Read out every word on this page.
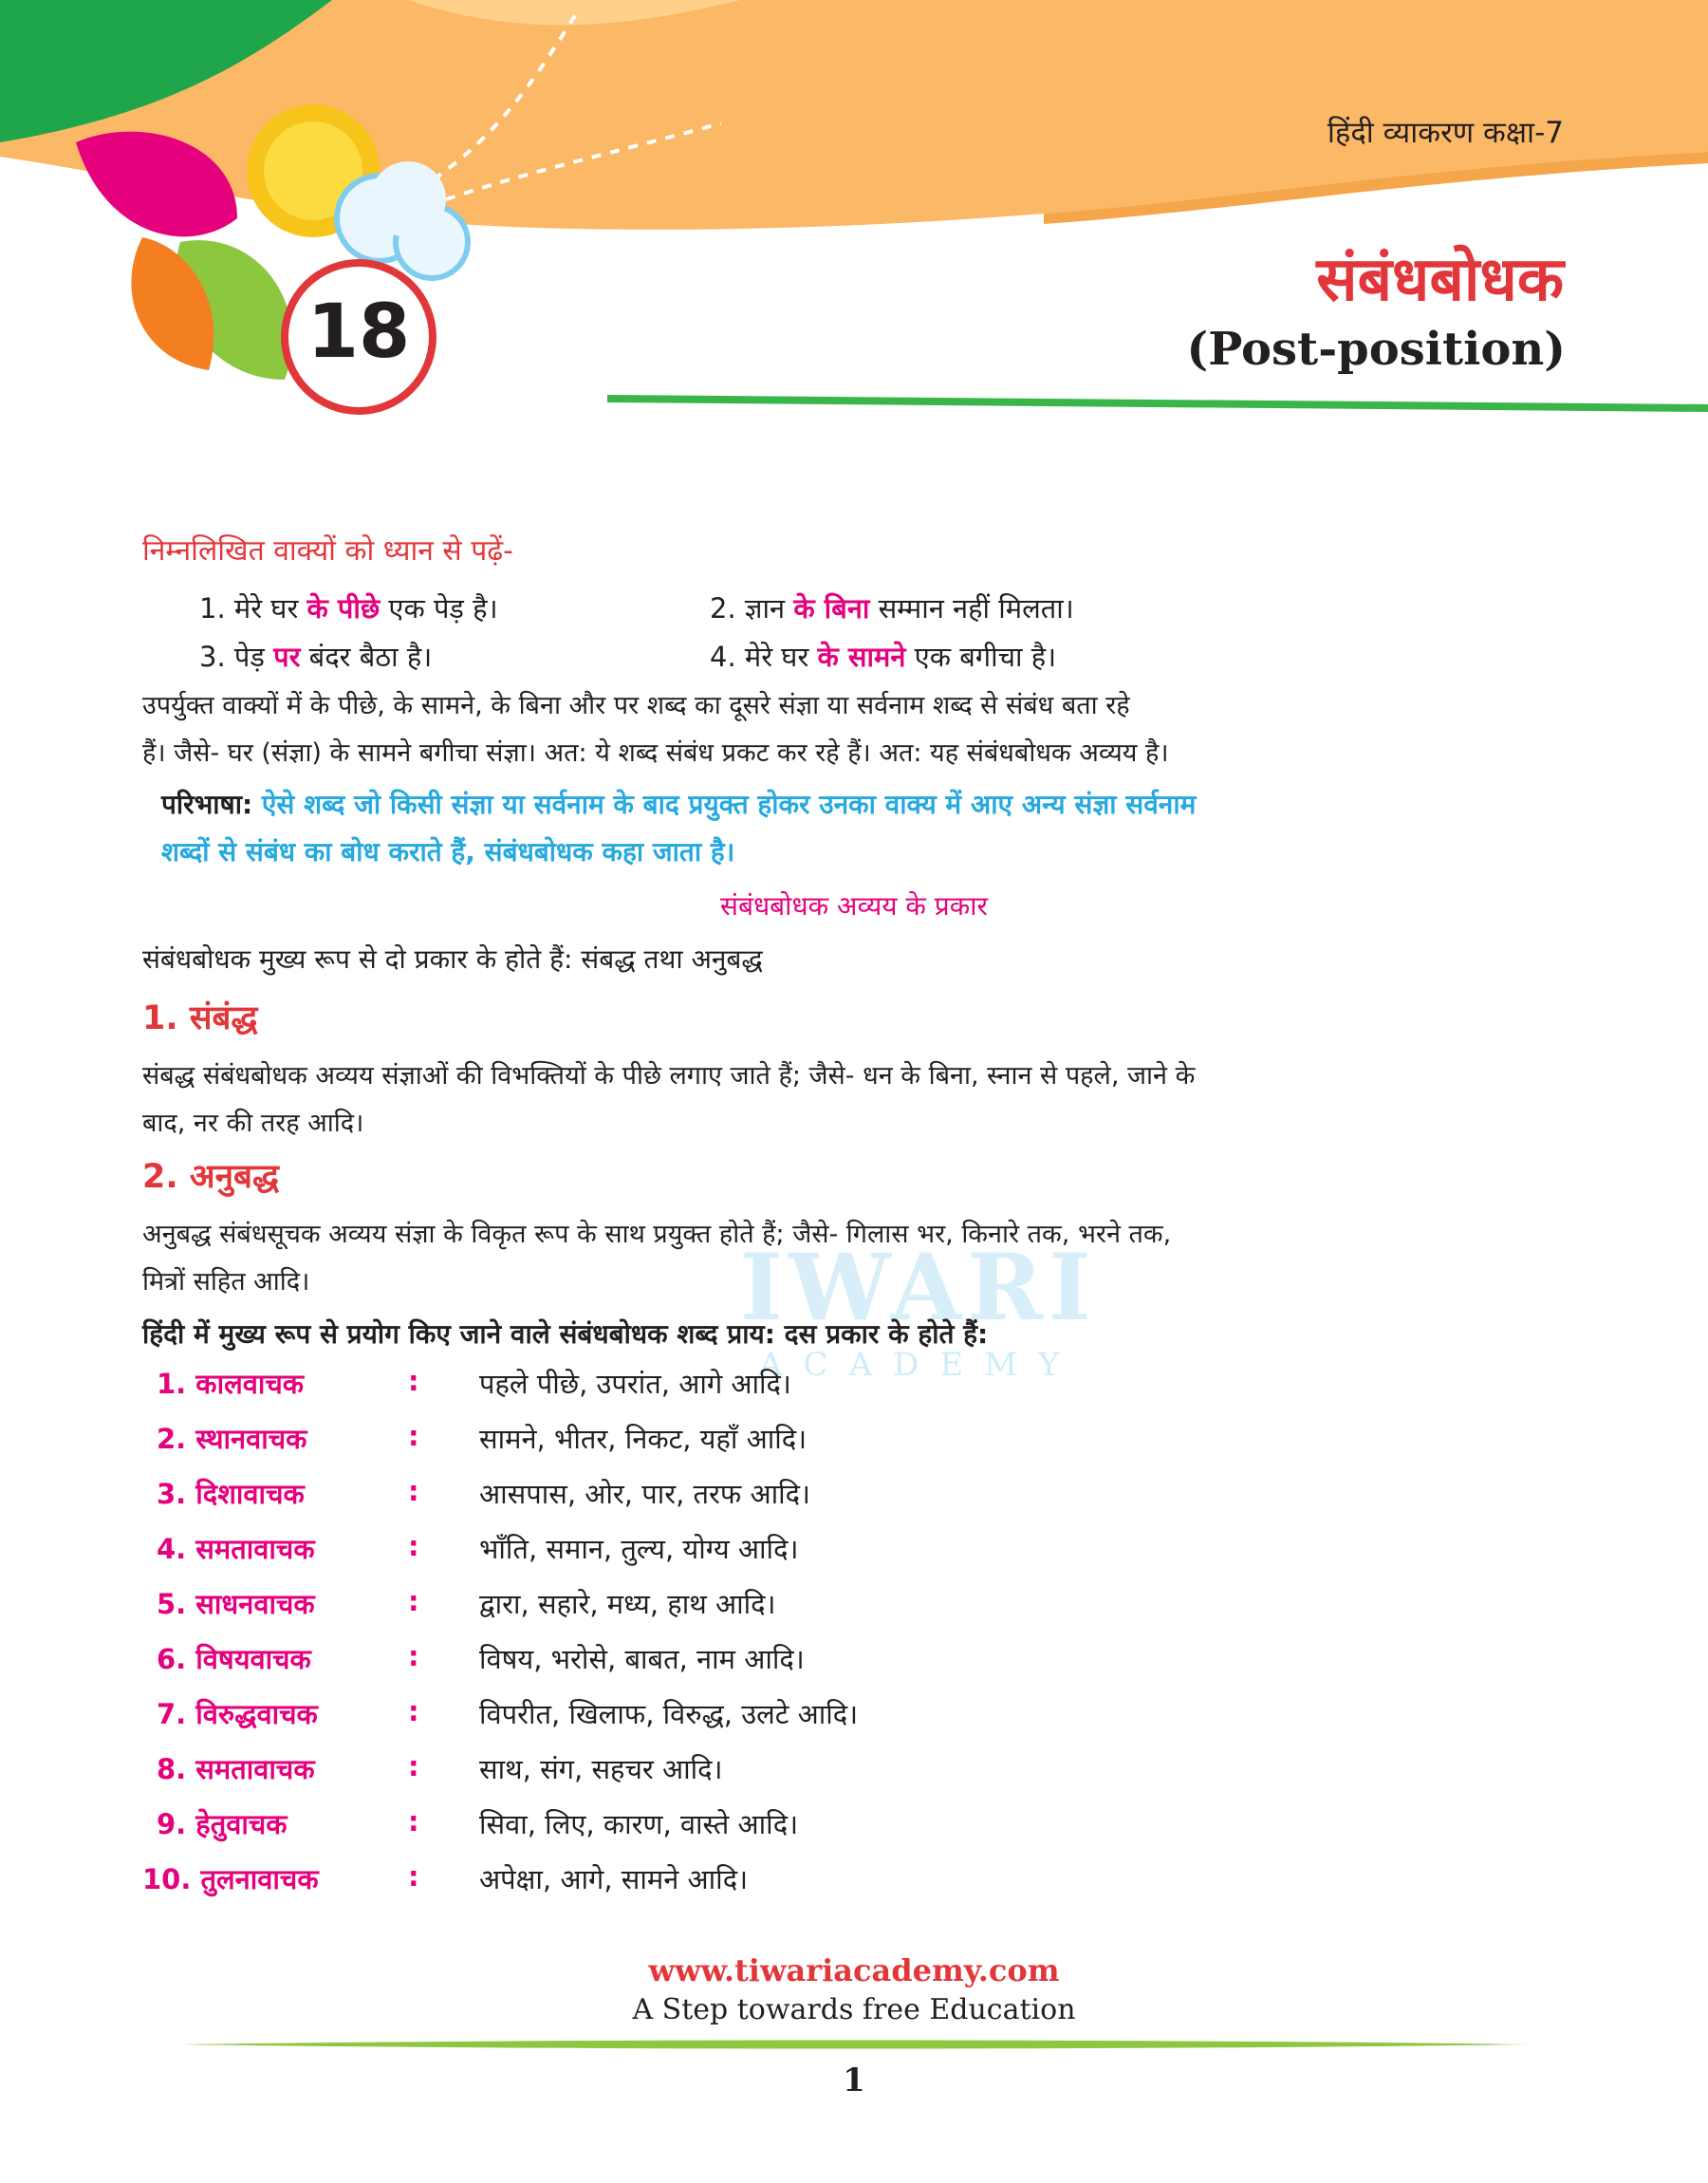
हिंदी व्याकरण कक्षा-7
18
संबंधबोधक
(Post-position)
IWARI
ACADEMY
निम्नलिखित वाक्यों को ध्यान से पढ़ें-
1. मेरे घर के पीछे एक पेड़ है।	2. ज्ञान के बिना सम्मान नहीं मिलता।
3. पेड़ पर बंदर बैठा है।	4. मेरे घर के सामने एक बगीचा है।
उपर्युक्त वाक्यों में के पीछे, के सामने, के बिना और पर शब्द का दूसरे संज्ञा या सर्वनाम शब्द से संबंध बता रहे
हैं। जैसे- घर (संज्ञा) के सामने बगीचा संज्ञा। अत: ये शब्द संबंध प्रकट कर रहे हैं। अत: यह संबंधबोधक अव्यय है।
परिभाषा: ऐसे शब्द जो किसी संज्ञा या सर्वनाम के बाद प्रयुक्त होकर उनका वाक्य में आए अन्य संज्ञा सर्वनाम
शब्दों से संबंध का बोध कराते हैं, संबंधबोधक कहा जाता है।
संबंधबोधक अव्यय के प्रकार
संबंधबोधक मुख्य रूप से दो प्रकार के होते हैं: संबद्ध तथा अनुबद्ध
1. संबंद्ध
संबद्ध संबंधबोधक अव्यय संज्ञाओं की विभक्तियों के पीछे लगाए जाते हैं; जैसे- धन के बिना, स्नान से पहले, जाने के
बाद, नर की तरह आदि।
2. अनुबद्ध
अनुबद्ध संबंधसूचक अव्यय संज्ञा के विकृत रूप के साथ प्रयुक्त होते हैं; जैसे- गिलास भर, किनारे तक, भरने तक,
मित्रों सहित आदि।
हिंदी में मुख्य रूप से प्रयोग किए जाने वाले संबंधबोधक शब्द प्राय: दस प्रकार के होते हैं:
1. कालवाचक	: पहले पीछे, उपरांत, आगे आदि।
2. स्थानवाचक	: सामने, भीतर, निकट, यहाँ आदि।
3. दिशावाचक	: आसपास, ओर, पार, तरफ आदि।
4. समतावाचक	: भाँति, समान, तुल्य, योग्य आदि।
5. साधनवाचक	: द्वारा, सहारे, मध्य, हाथ आदि।
6. विषयवाचक	: विषय, भरोसे, बाबत, नाम आदि।
7. विरुद्धवाचक	: विपरीत, खिलाफ, विरुद्ध, उलटे आदि।
8. समतावाचक	: साथ, संग, सहचर आदि।
9. हेतुवाचक	: सिवा, लिए, कारण, वास्ते आदि।
10. तुलनावाचक	: अपेक्षा, आगे, सामने आदि।
www.tiwariacademy.com
A Step towards free Education
1
